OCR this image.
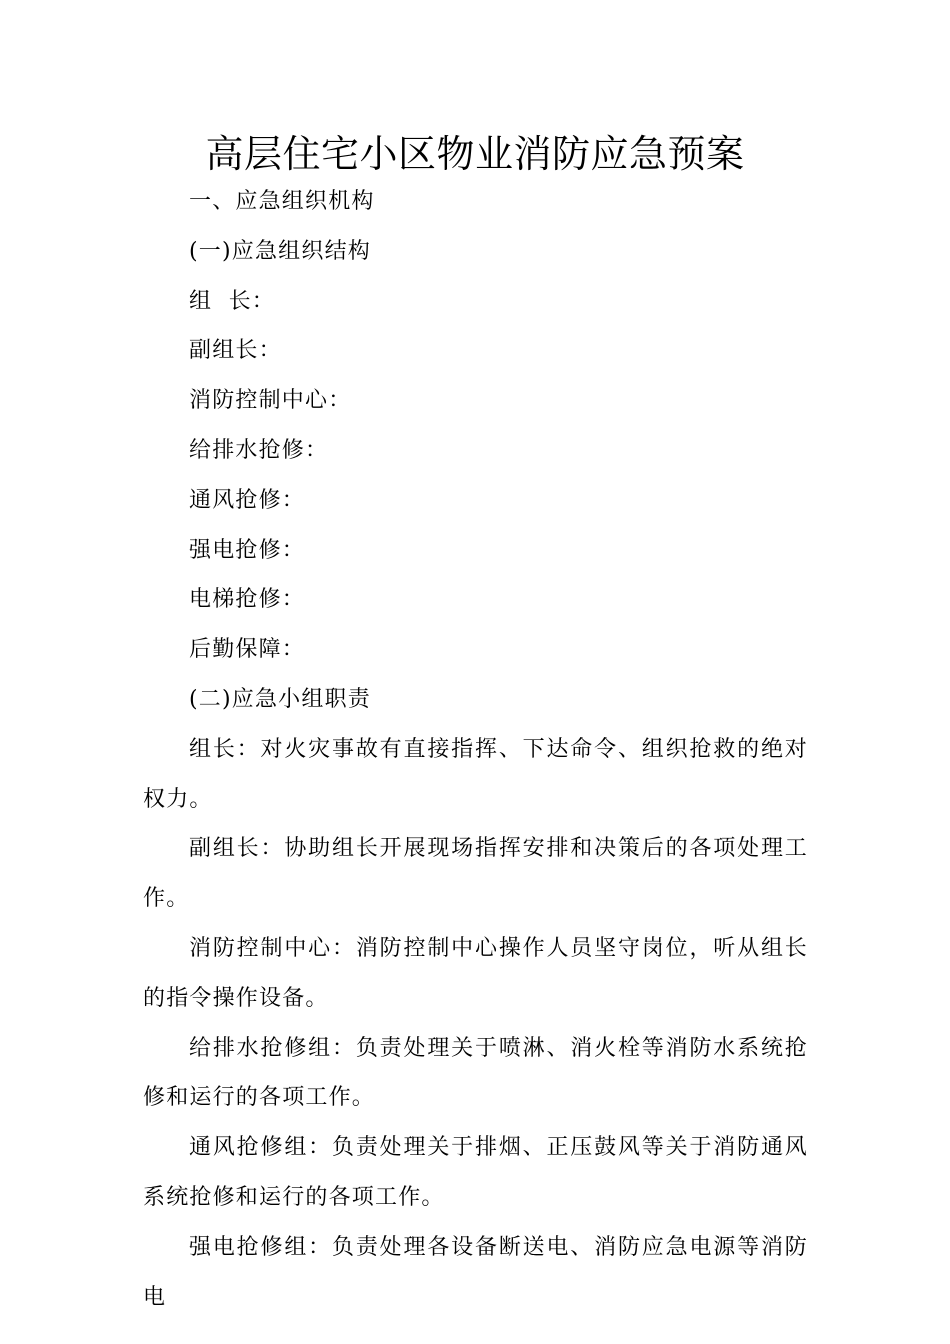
高层住宅小区物业消防应急预案

一、应急组织机构

(一)应急组织结构

组  长：

副组长：

消防控制中心：

给排水抢修：

通风抢修：

强电抢修：

电梯抢修：

后勤保障：

(二)应急小组职责

组长：对火灾事故有直接指挥、下达命令、组织抢救的绝对权力。

副组长：协助组长开展现场指挥安排和决策后的各项处理工作。

消防控制中心：消防控制中心操作人员坚守岗位，听从组长的指令操作设备。

给排水抢修组：负责处理关于喷淋、消火栓等消防水系统抢修和运行的各项工作。

通风抢修组：负责处理关于排烟、正压鼓风等关于消防通风系统抢修和运行的各项工作。

强电抢修组：负责处理各设备断送电、消防应急电源等消防电
